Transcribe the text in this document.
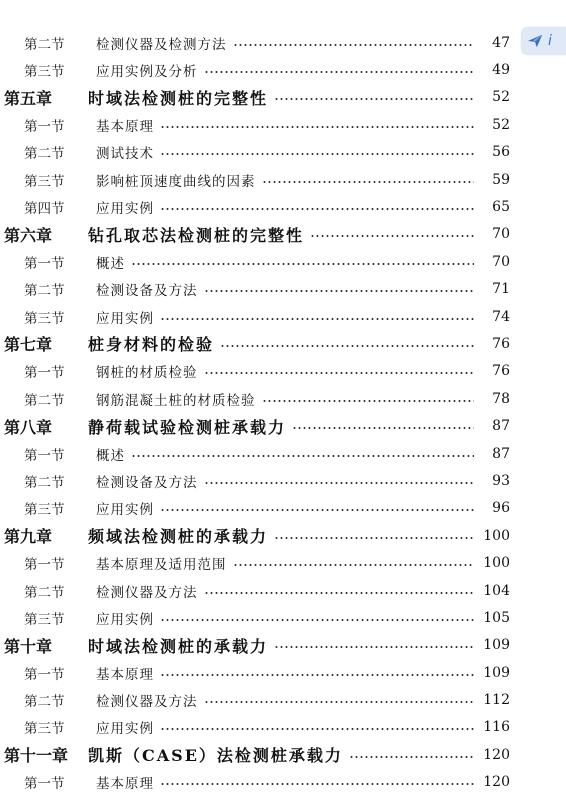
第二节	检测仪器及检测方法	47
第三节	应用实例及分析	49
第五章	时域法检测桩的完整性	52
第一节	基本原理	52
第二节	测试技术	56
第三节	影响桩顶速度曲线的因素	59
第四节	应用实例	65
第六章	钻孔取芯法检测桩的完整性	70
第一节	概述	70
第二节	检测设备及方法	71
第三节	应用实例	74
第七章	桩身材料的检验	76
第一节	钢桩的材质检验	76
第二节	钢筋混凝土桩的材质检验	78
第八章	静荷载试验检测桩承载力	87
第一节	概述	87
第二节	检测设备及方法	93
第三节	应用实例	96
第九章	频域法检测桩的承载力	100
第一节	基本原理及适用范围	100
第二节	检测仪器及方法	104
第三节	应用实例	105
第十章	时域法检测桩的承载力	109
第一节	基本原理	109
第二节	检测仪器及方法	112
第三节	应用实例	116
第十一章	凯斯（CASE）法检测桩承载力	120
第一节	基本原理	120
i
